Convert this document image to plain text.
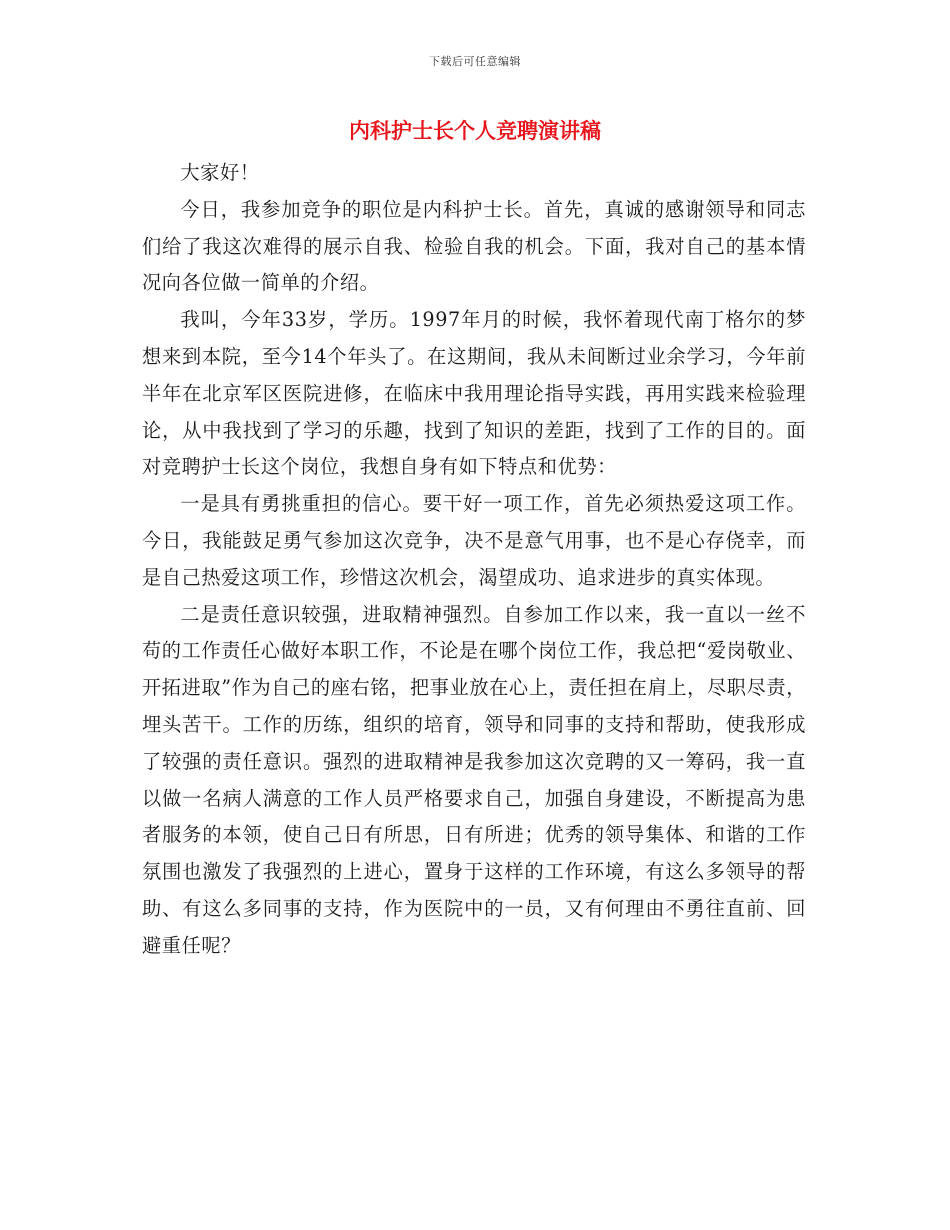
下载后可任意编辑
内科护士长个人竞聘演讲稿

大家好！

今日，我参加竞争的职位是内科护士长。首先，真诚的感谢领导和同志们给了我这次难得的展示自我、检验自我的机会。下面，我对自己的基本情况向各位做一简单的介绍。

我叫，今年33岁，学历。1997年月的时候，我怀着现代南丁格尔的梦想来到本院，至今14个年头了。在这期间，我从未间断过业余学习，今年前半年在北京军区医院进修，在临床中我用理论指导实践，再用实践来检验理论，从中我找到了学习的乐趣，找到了知识的差距，找到了工作的目的。面对竞聘护士长这个岗位，我想自身有如下特点和优势：

一是具有勇挑重担的信心。要干好一项工作，首先必须热爱这项工作。今日，我能鼓足勇气参加这次竞争，决不是意气用事，也不是心存侥幸，而是自己热爱这项工作，珍惜这次机会，渴望成功、追求进步的真实体现。

二是责任意识较强，进取精神强烈。自参加工作以来，我一直以一丝不苟的工作责任心做好本职工作，不论是在哪个岗位工作，我总把“爱岗敬业、开拓进取”作为自己的座右铭，把事业放在心上，责任担在肩上，尽职尽责，埋头苦干。工作的历练，组织的培育，领导和同事的支持和帮助，使我形成了较强的责任意识。强烈的进取精神是我参加这次竞聘的又一筹码，我一直以做一名病人满意的工作人员严格要求自己，加强自身建设，不断提高为患者服务的本领，使自己日有所思，日有所进；优秀的领导集体、和谐的工作氛围也激发了我强烈的上进心，置身于这样的工作环境，有这么多领导的帮助、有这么多同事的支持，作为医院中的一员，又有何理由不勇往直前、回避重任呢？
